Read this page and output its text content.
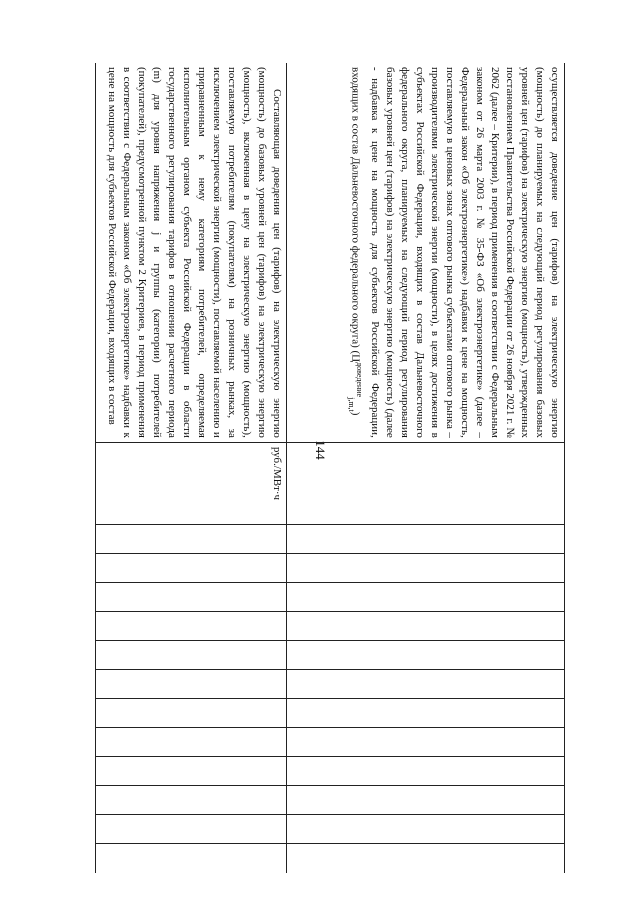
144
осуществляется доведение цен (тарифов) на электрическую энергию (мощность) до планируемых на следующий период регулирования базовых уровней цен (тарифов) на электрическую энергию (мощность), утвержденных постановлением Правительства Российской Федерации от 26 ноября 2021 г. № 2062 (далее – Критерии), в период применения в соответствии с Федеральным законом от 26 марта 2003 г. № 35-ФЗ «Об электроэнергетике» (далее – Федеральный закон «Об электроэнергетике») надбавки к цене на мощность, поставляемую в ценовых зонах оптового рынка субъектами оптового рынка – производителями электрической энергии (мощности), в целях достижения в субъектах Российской Федерации, входящих в состав Дальневосточного федерального округа, планируемых на следующий период регулирования базовых уровней цен (тарифов) на электрическую энергию (мощность) (далее - надбавка к цене на мощность для субъектов Российской Федерации, входящих в состав Дальневосточного федерального округа) $(Ц^{доведение}_{j,m,t})$													

Составляющая доведения цен (тарифов) на электрическую энергию (мощность) до базовых уровней цен (тарифов) на электрическую энергию (мощность), включенная в цену на электрическую энергию (мощность), поставляемую потребителям (покупателям) на розничных рынках, за исключением электрической энергии (мощности), поставляемой населению и приравненным к нему категориям потребителей, определяемая исполнительным органом субъекта Российской Федерации в области государственного регулирования тарифов в отношении расчетного периода (m) для уровня напряжения j и группы (категории) потребителей (покупателей), предусмотренной пунктом 2 Критериев, в период применения в соответствии с Федеральным законом «Об электроэнергетике» надбавки к цене на мощность для субъектов Российской Федерации, входящих в состав	руб./МВт·ч												
